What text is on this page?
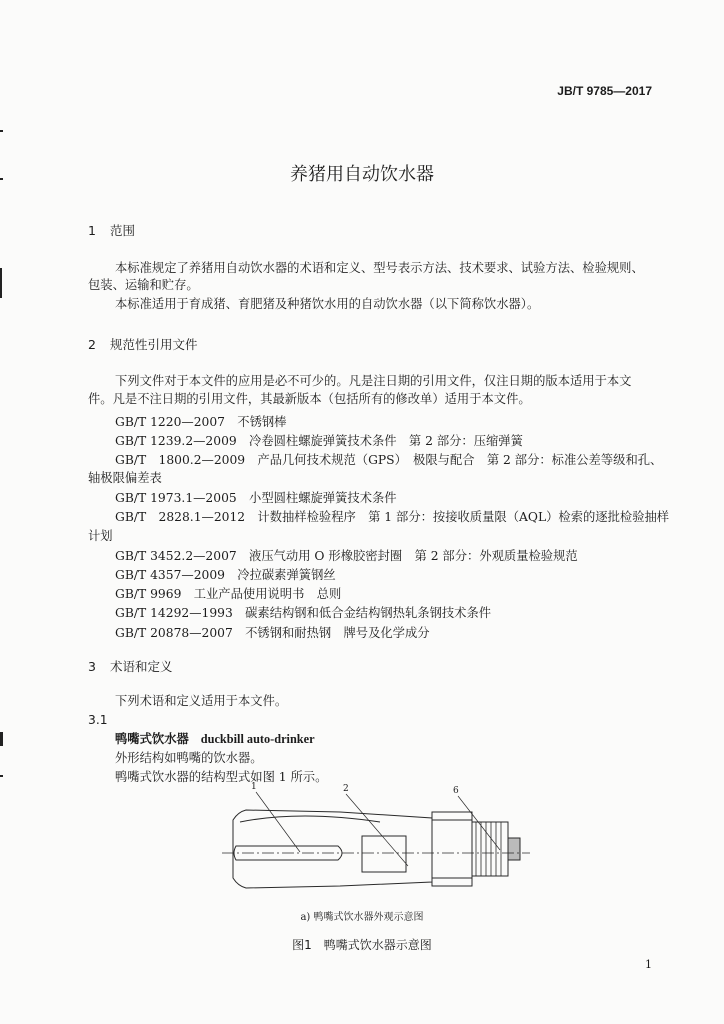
JB/T 9785—2017
养猪用自动饮水器
1 范围
本标准规定了养猪用自动饮水器的术语和定义、型号表示方法、技术要求、试验方法、检验规则、
包装、运输和贮存。
本标准适用于育成猪、育肥猪及种猪饮水用的自动饮水器（以下简称饮水器）。
2 规范性引用文件
下列文件对于本文件的应用是必不可少的。凡是注日期的引用文件，仅注日期的版本适用于本文
件。凡是不注日期的引用文件，其最新版本（包括所有的修改单）适用于本文件。
GB/T 1220—2007　不锈钢棒
GB/T 1239.2—2009　冷卷圆柱螺旋弹簧技术条件　第 2 部分：压缩弹簧
GB/T　1800.2—2009　产品几何技术规范（GPS）　极限与配合　第 2 部分：标准公差等级和孔、
轴极限偏差表
GB/T 1973.1—2005　小型圆柱螺旋弹簧技术条件
GB/T　2828.1—2012　计数抽样检验程序　第 1 部分：按接收质量限（AQL）检索的逐批检验抽样
计划
GB/T 3452.2—2007　液压气动用 O 形橡胶密封圈　第 2 部分：外观质量检验规范
GB/T 4357—2009　冷拉碳素弹簧钢丝
GB/T 9969　工业产品使用说明书　总则
GB/T 14292—1993　碳素结构钢和低合金结构钢热轧条钢技术条件
GB/T 20878—2007　不锈钢和耐热钢　牌号及化学成分
3 术语和定义
下列术语和定义适用于本文件。
3.1
鸭嘴式饮水器 duckbill auto-drinker
外形结构如鸭嘴的饮水器。
鸭嘴式饮水器的结构型式如图 1 所示。
1	2	6
a) 鸭嘴式饮水器外观示意图
图1　鸭嘴式饮水器示意图
1
